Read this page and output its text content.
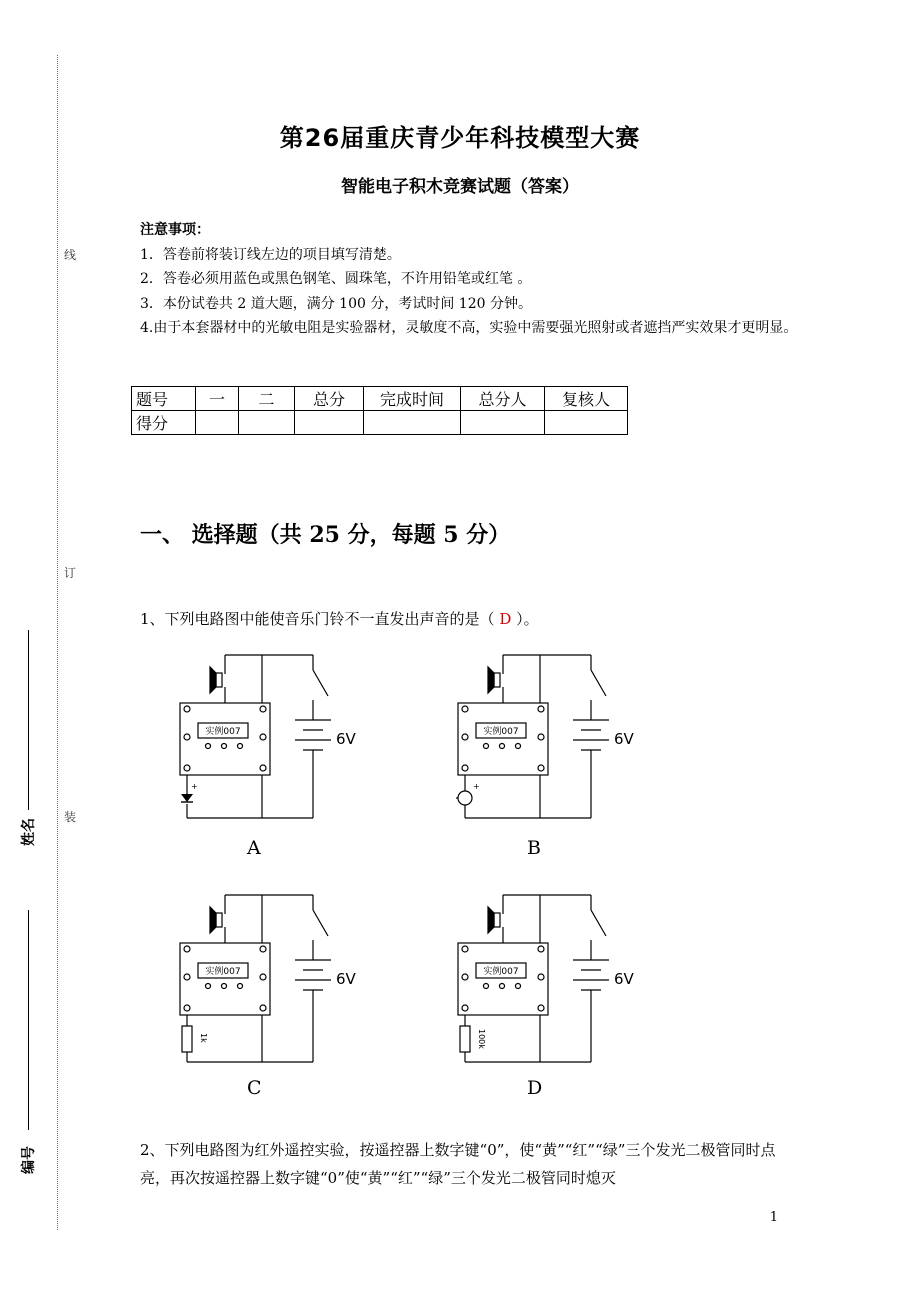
线
订
装
姓名
编号
第26届重庆青少年科技模型大赛
智能电子积木竞赛试题（答案）
注意事项：
1．答卷前将装订线左边的项目填写清楚。
2．答卷必须用蓝色或黑色钢笔、圆珠笔，不许用铅笔或红笔 。
3．本份试卷共 2 道大题，满分 100 分，考试时间 120 分钟。
4.由于本套器材中的光敏电阻是实验器材，灵敏度不高，实验中需要强光照射或者遮挡严实效果才更明显。
题号	一	二	总分	完成时间	总分人	复核人
得分						
一、 选择题（共 25 分，每题 5 分）
1、下列电路图中能使音乐门铃不一直发出声音的是（ D ）。
+
实例007	6V
A
+
实例007	6V
B
1k
实例007	6V
C
100k
实例007	6V
D
2、下列电路图为红外遥控实验，按遥控器上数字键“0”，使“黄”“红”“绿”三个发光二极管同时点亮，再次按遥控器上数字键“0”使“黄”“红”“绿”三个发光二极管同时熄灭
1
